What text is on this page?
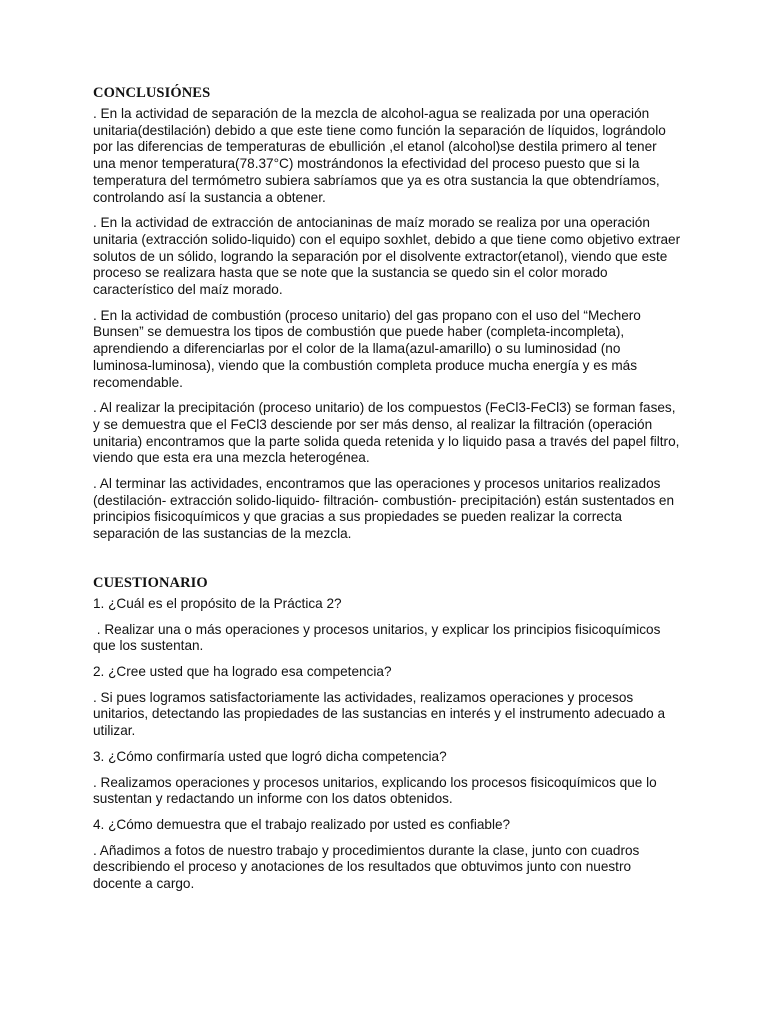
CONCLUSIÓNES

. En la actividad de separación de la mezcla de alcohol-agua se realizada por una operación unitaria(destilación) debido a que este tiene como función la separación de líquidos, lográndolo por las diferencias de temperaturas de ebullición ,el etanol (alcohol)se destila primero al tener una menor temperatura(78.37°C) mostrándonos la efectividad del proceso puesto que si la temperatura del termómetro subiera sabríamos que ya es otra sustancia la que obtendríamos, controlando así la sustancia a obtener.

. En la actividad de extracción de antocianinas de maíz morado se realiza por una operación unitaria (extracción solido-liquido) con el equipo soxhlet, debido a que tiene como objetivo extraer solutos de un sólido, logrando la separación por el disolvente extractor(etanol), viendo que este proceso se realizara hasta que se note que la sustancia se quedo sin el color morado característico del maíz morado.

. En la actividad de combustión (proceso unitario) del gas propano con el uso del “Mechero Bunsen” se demuestra los tipos de combustión que puede haber (completa-incompleta), aprendiendo a diferenciarlas por el color de la llama(azul-amarillo) o su luminosidad (no luminosa-luminosa), viendo que la combustión completa produce mucha energía y es más recomendable.

. Al realizar la precipitación (proceso unitario) de los compuestos (FeCl3-FeCl3) se forman fases, y se demuestra que el FeCl3 desciende por ser más denso, al realizar la filtración (operación unitaria) encontramos que la parte solida queda retenida y lo liquido pasa a través del papel filtro, viendo que esta era una mezcla heterogénea.

. Al terminar las actividades, encontramos que las operaciones y procesos unitarios realizados (destilación- extracción solido-liquido- filtración- combustión- precipitación) están sustentados en principios fisicoquímicos y que gracias a sus propiedades se pueden realizar la correcta separación de las sustancias de la mezcla.

CUESTIONARIO

1. ¿Cuál es el propósito de la Práctica 2?

. Realizar una o más operaciones y procesos unitarios, y explicar los principios fisicoquímicos que los sustentan.

2. ¿Cree usted que ha logrado esa competencia?

. Si pues logramos satisfactoriamente las actividades, realizamos operaciones y procesos unitarios, detectando las propiedades de las sustancias en interés y el instrumento adecuado a utilizar.

3. ¿Cómo confirmaría usted que logró dicha competencia?

. Realizamos operaciones y procesos unitarios, explicando los procesos fisicoquímicos que lo sustentan y redactando un informe con los datos obtenidos.

4. ¿Cómo demuestra que el trabajo realizado por usted es confiable?

. Añadimos a fotos de nuestro trabajo y procedimientos durante la clase, junto con cuadros describiendo el proceso y anotaciones de los resultados que obtuvimos junto con nuestro docente a cargo.
